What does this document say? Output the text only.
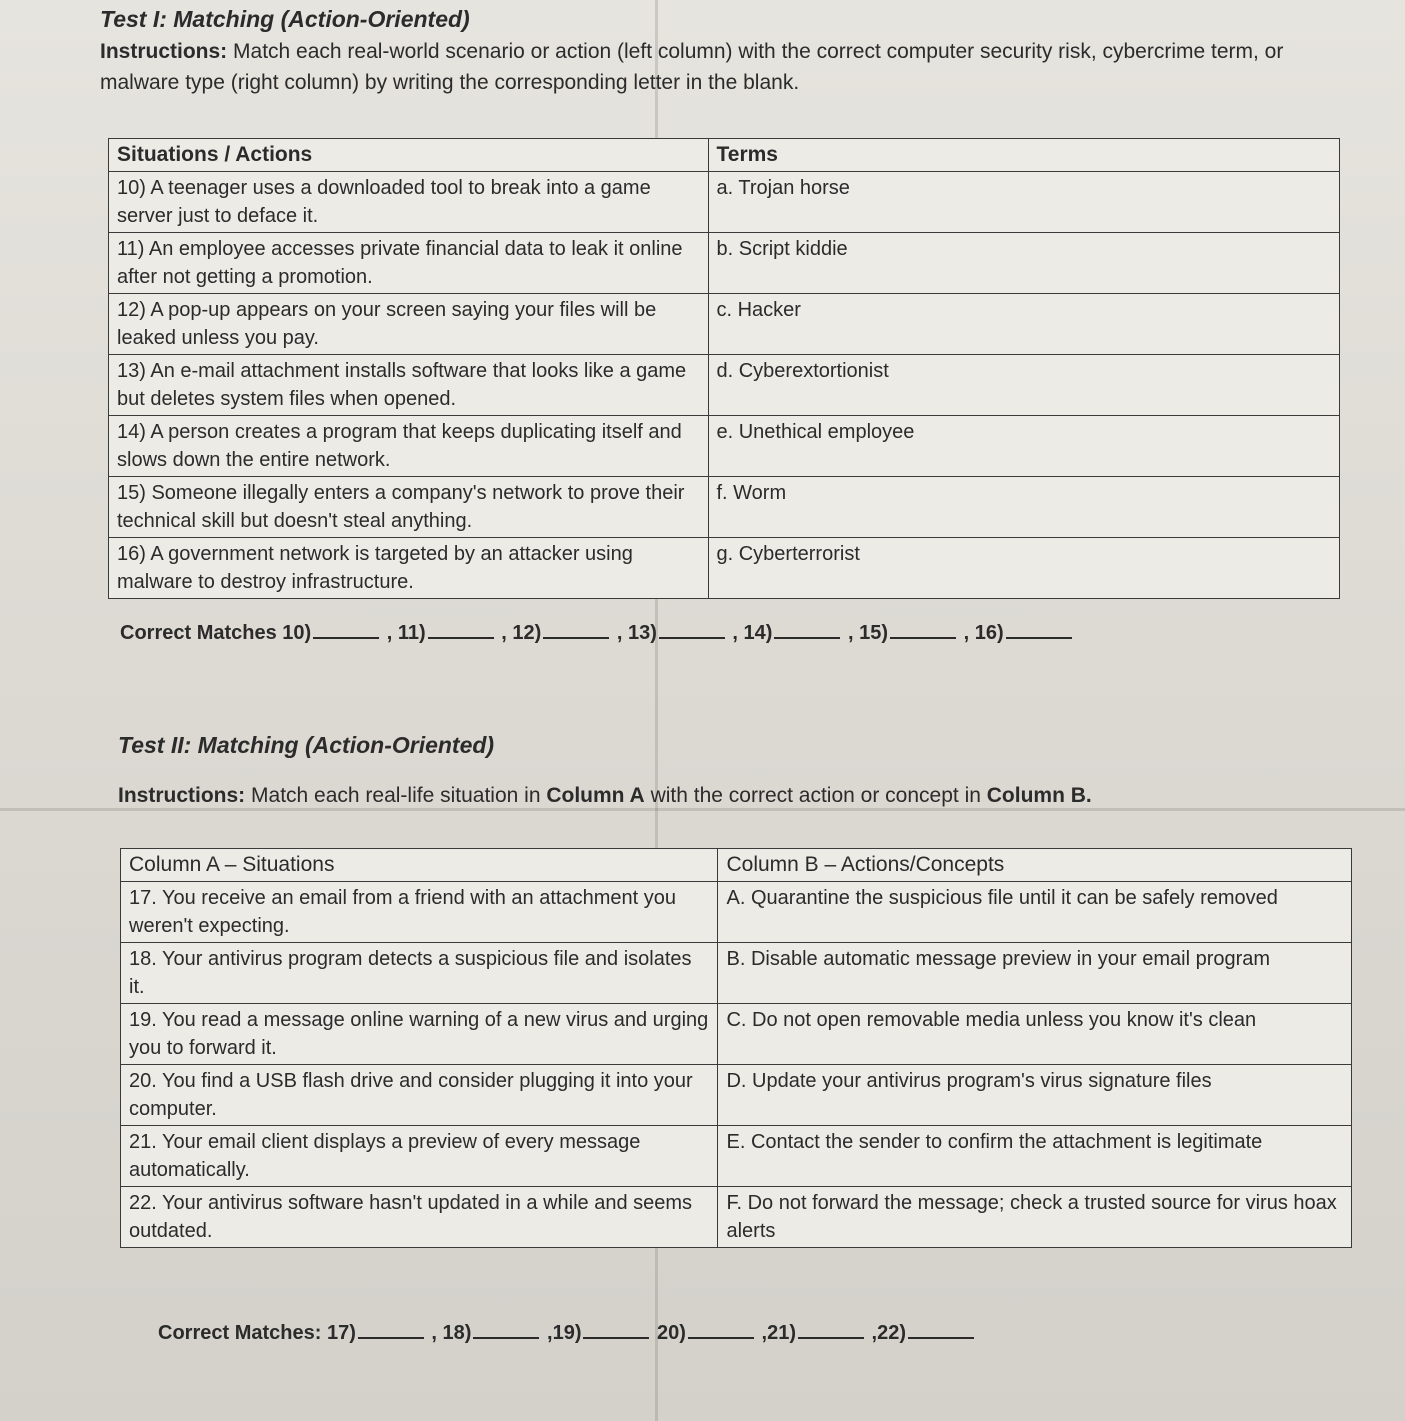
Test I: Matching (Action-Oriented)
Instructions: Match each real-world scenario or action (left column) with the correct computer security risk, cybercrime term, or malware type (right column) by writing the corresponding letter in the blank.
Situations / Actions	Terms
10) A teenager uses a downloaded tool to break into a game server just to deface it.	a. Trojan horse
11) An employee accesses private financial data to leak it online after not getting a promotion.	b. Script kiddie
12) A pop-up appears on your screen saying your files will be leaked unless you pay.	c. Hacker
13) An e-mail attachment installs software that looks like a game but deletes system files when opened.	d. Cyberextortionist
14) A person creates a program that keeps duplicating itself and slows down the entire network.	e. Unethical employee
15) Someone illegally enters a company's network to prove their technical skill but doesn't steal anything.	f. Worm
16) A government network is targeted by an attacker using malware to destroy infrastructure.	g. Cyberterrorist
Correct Matches 10)	, 11)	, 12)	, 13)	, 14)	, 15)	, 16)
Test II: Matching (Action-Oriented)
Instructions: Match each real-life situation in Column A with the correct action or concept in Column B.
Column A – Situations	Column B – Actions/Concepts
17. You receive an email from a friend with an attachment you weren't expecting.	A. Quarantine the suspicious file until it can be safely removed
18. Your antivirus program detects a suspicious file and isolates it.	B. Disable automatic message preview in your email program
19. You read a message online warning of a new virus and urging you to forward it.	C. Do not open removable media unless you know it's clean
20. You find a USB flash drive and consider plugging it into your computer.	D. Update your antivirus program's virus signature files
21. Your email client displays a preview of every message automatically.	E. Contact the sender to confirm the attachment is legitimate
22. Your antivirus software hasn't updated in a while and seems outdated.	F. Do not forward the message; check a trusted source for virus hoax alerts
Correct Matches: 17)	, 18)	,19)	20)	,21)	,22)
